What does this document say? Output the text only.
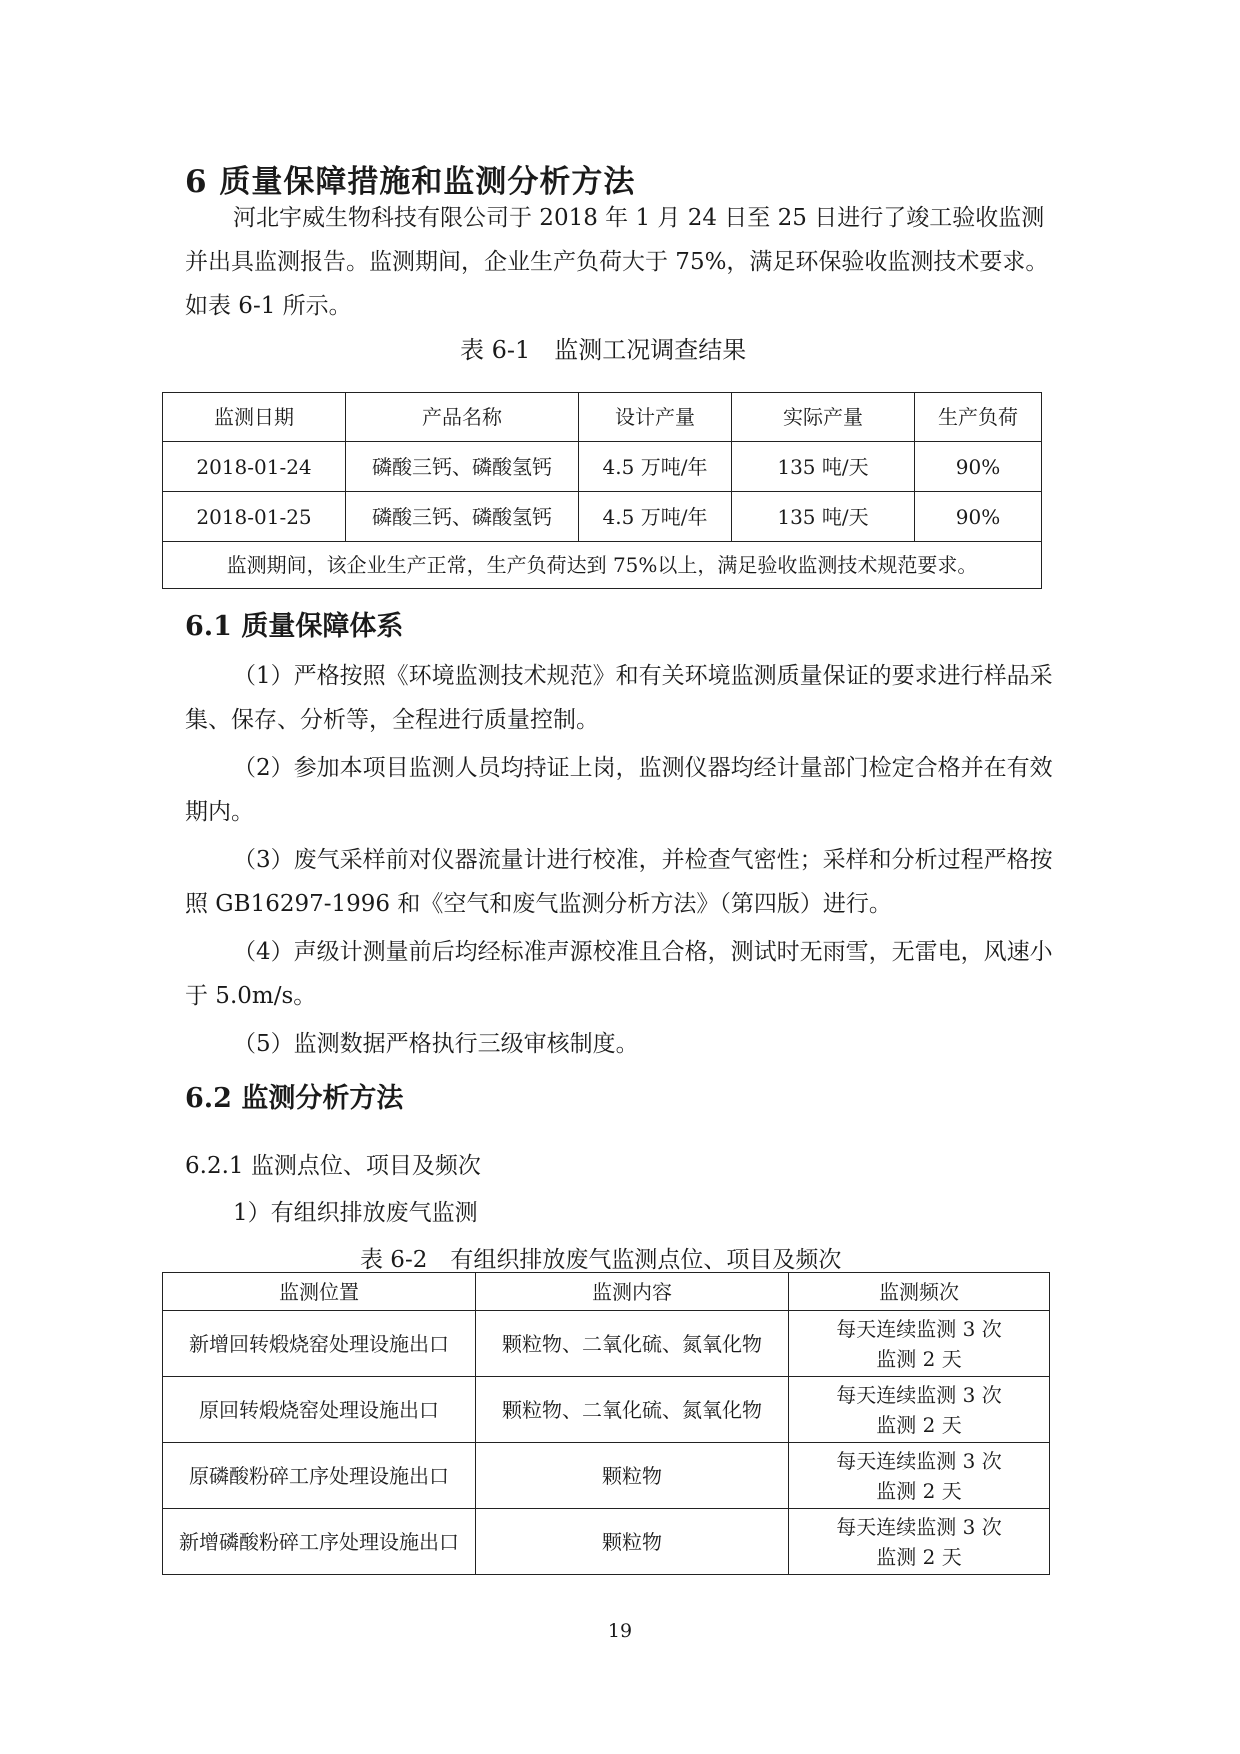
6 质量保障措施和监测分析方法
河北宇威生物科技有限公司于 2018 年 1 月 24 日至 25 日进行了竣工验收监测并出具监测报告。监测期间，企业生产负荷大于 75%，满足环保验收监测技术要求。如表 6-1 所示。
表 6-1　监测工况调查结果
监测日期	产品名称	设计产量	实际产量	生产负荷
2018-01-24	磷酸三钙、磷酸氢钙	4.5 万吨/年	135 吨/天	90%
2018-01-25	磷酸三钙、磷酸氢钙	4.5 万吨/年	135 吨/天	90%
监测期间，该企业生产正常，生产负荷达到 75%以上，满足验收监测技术规范要求。				
6.1 质量保障体系
（1）严格按照《环境监测技术规范》和有关环境监测质量保证的要求进行样品采集、保存、分析等，全程进行质量控制。
（2）参加本项目监测人员均持证上岗，监测仪器均经计量部门检定合格并在有效期内。
（3）废气采样前对仪器流量计进行校准，并检查气密性；采样和分析过程严格按照 GB16297-1996 和《空气和废气监测分析方法》（第四版）进行。
（4）声级计测量前后均经标准声源校准且合格，测试时无雨雪，无雷电，风速小于 5.0m/s。
（5）监测数据严格执行三级审核制度。
6.2 监测分析方法
6.2.1 监测点位、项目及频次
1）有组织排放废气监测
表 6-2　有组织排放废气监测点位、项目及频次
监测位置	监测内容	监测频次
新增回转煅烧窑处理设施出口	颗粒物、二氧化硫、氮氧化物	每天连续监测 3 次
监测 2 天

原回转煅烧窑处理设施出口	颗粒物、二氧化硫、氮氧化物	每天连续监测 3 次
监测 2 天

原磷酸粉碎工序处理设施出口	颗粒物	每天连续监测 3 次
监测 2 天

新增磷酸粉碎工序处理设施出口	颗粒物	每天连续监测 3 次
监测 2 天
19
